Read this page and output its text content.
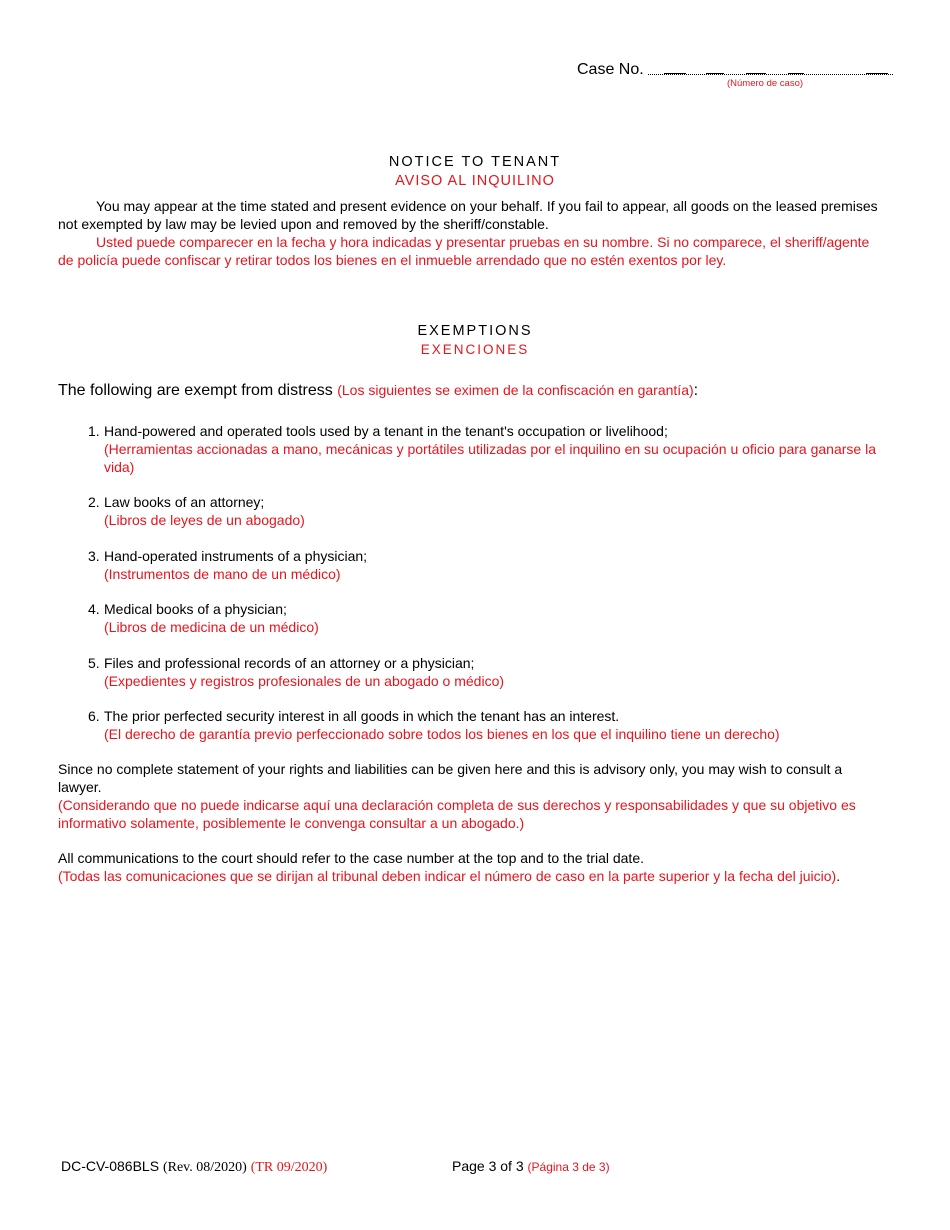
Case No.
(Número de caso)
NOTICE TO TENANT
AVISO AL INQUILINO
You may appear at the time stated and present evidence on your behalf. If you fail to appear, all goods on the leased premises not exempted by law may be levied upon and removed by the sheriff/constable.
Usted puede comparecer en la fecha y hora indicadas y presentar pruebas en su nombre. Si no comparece, el sheriff/agente de policía puede confiscar y retirar todos los bienes en el inmueble arrendado que no estén exentos por ley.
EXEMPTIONS
EXENCIONES
The following are exempt from distress (Los siguientes se eximen de la confiscación en garantía):
1. Hand-powered and operated tools used by a tenant in the tenant's occupation or livelihood;
(Herramientas accionadas a mano, mecánicas y portátiles utilizadas por el inquilino en su ocupación u oficio para ganarse la vida)
2. Law books of an attorney;
(Libros de leyes de un abogado)
3. Hand-operated instruments of a physician;
(Instrumentos de mano de un médico)
4. Medical books of a physician;
(Libros de medicina de un médico)
5. Files and professional records of an attorney or a physician;
(Expedientes y registros profesionales de un abogado o médico)
6. The prior perfected security interest in all goods in which the tenant has an interest.
(El derecho de garantía previo perfeccionado sobre todos los bienes en los que el inquilino tiene un derecho)
Since no complete statement of your rights and liabilities can be given here and this is advisory only, you may wish to consult a lawyer.
(Considerando que no puede indicarse aquí una declaración completa de sus derechos y responsabilidades y que su objetivo es informativo solamente, posiblemente le convenga consultar a un abogado.)
All communications to the court should refer to the case number at the top and to the trial date.
(Todas las comunicaciones que se dirijan al tribunal deben indicar el número de caso en la parte superior y la fecha del juicio).
DC-CV-086BLS (Rev. 08/2020) (TR 09/2020)	Page 3 of 3 (Página 3 de 3)
